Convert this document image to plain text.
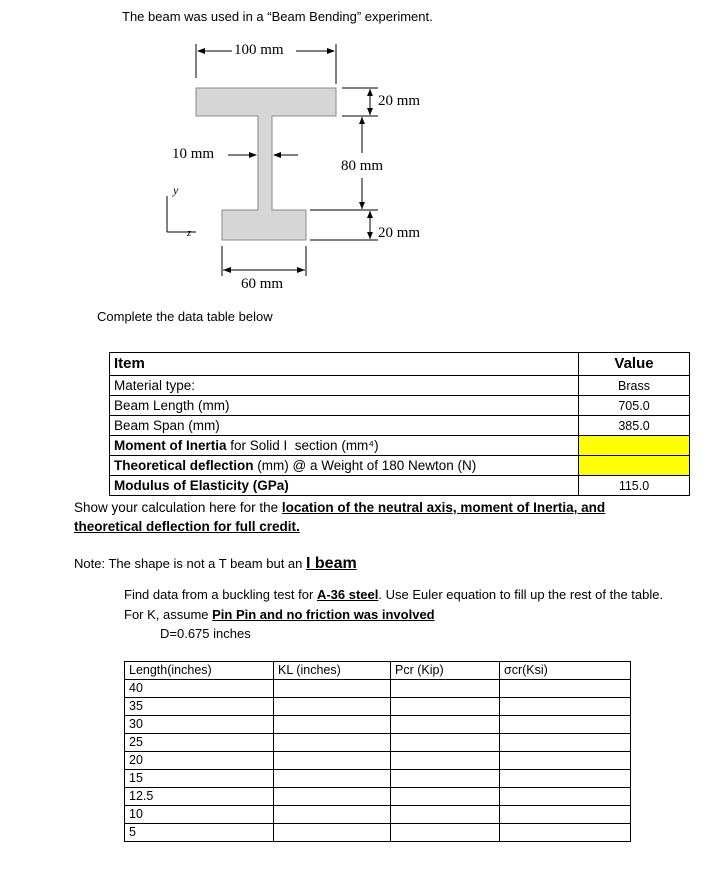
The beam was used in a “Beam Bending” experiment.
100 mm
20 mm
10 mm
80 mm
20 mm
60 mm
y
z
Complete the data table below
Item	Value
Material type:	Brass
Beam Length (mm)	705.0
Beam Span (mm)	385.0
Moment of Inertia for Solid I  section (mm⁴)	
Theoretical deflection (mm) @ a Weight of 180 Newton (N)	
Modulus of Elasticity (GPa)	115.0
Show your calculation here for the location of the neutral axis, moment of Inertia, and
theoretical deflection for full credit.
Note: The shape is not a T beam but an I beam
Find data from a buckling test for A-36 steel. Use Euler equation to fill up the rest of the table.
For K, assume Pin Pin and no friction was involved
D=0.675 inches
Length(inches)	KL (inches)	Pcr (Kip)	σcr(Ksi)
40			
35			
30			
25			
20			
15			
12.5			
10			
5			
